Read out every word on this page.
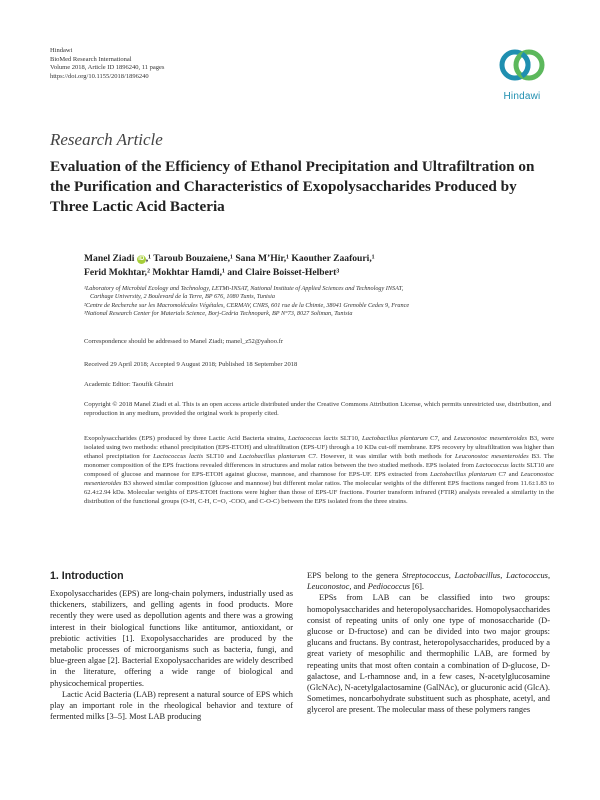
Hindawi
BioMed Research International
Volume 2018, Article ID 1896240, 11 pages
https://doi.org/10.1155/2018/1896240
Hindawi
Research Article
Evaluation of the Efficiency of Ethanol Precipitation and Ultrafiltration on the Purification and Characteristics of Exopolysaccharides Produced by Three Lactic Acid Bacteria
Manel Ziadi iD ,¹ Taroub Bouzaiene,¹ Sana M’Hir,¹ Kaouther Zaafouri,¹
Ferid Mokhtar,² Mokhtar Hamdi,¹ and Claire Boisset-Helbert³
¹Laboratory of Microbial Ecology and Technology, LETMi-INSAT, National Institute of Applied Sciences and Technology INSAT,
Carthage University, 2 Boulevard de la Terre, BP 676, 1080 Tunis, Tunisia
²Centre de Recherche sur les Macromolécules Végétales, CERMAV, CNRS, 601 rue de la Chimie, 38041 Grenoble Cedex 9, France
³National Research Center for Materials Science, Borj-Cedria Technopark, BP N°73, 8027 Soliman, Tunisia
Correspondence should be addressed to Manel Ziadi; manel_z52@yahoo.fr
Received 29 April 2018; Accepted 9 August 2018; Published 18 September 2018
Academic Editor: Taoufik Ghrairi
Copyright © 2018 Manel Ziadi et al. This is an open access article distributed under the Creative Commons Attribution License, which permits unrestricted use, distribution, and reproduction in any medium, provided the original work is properly cited.
Exopolysaccharides (EPS) produced by three Lactic Acid Bacteria strains, Lactococcus lactis SLT10, Lactobacillus plantarum C7, and Leuconostoc mesenteroides B3, were isolated using two methods: ethanol precipitation (EPS-ETOH) and ultrafiltration (EPS-UF) through a 10 KDa cut-off membrane. EPS recovery by ultrafiltration was higher than ethanol precipitation for Lactococcus lactis SLT10 and Lactobacillus plantarum C7. However, it was similar with both methods for Leuconostoc mesenteroides B3. The monomer composition of the EPS fractions revealed differences in structures and molar ratios between the two studied methods. EPS isolated from Lactococcus lactis SLT10 are composed of glucose and mannose for EPS-ETOH against glucose, mannose, and rhamnose for EPS-UF. EPS extracted from Lactobacillus plantarum C7 and Leuconostoc mesenteroides B3 showed similar composition (glucose and mannose) but different molar ratios. The molecular weights of the different EPS fractions ranged from 11.6±1.83 to 62.4±2.94 kDa. Molecular weights of EPS-ETOH fractions were higher than those of EPS-UF fractions. Fourier transform infrared (FTIR) analysis revealed a similarity in the distribution of the functional groups (O-H, C-H, C=O, -COO, and C-O-C) between the EPS isolated from the three strains.
1. Introduction

Exopolysaccharides (EPS) are long-chain polymers, industrially used as thickeners, stabilizers, and gelling agents in food products. More recently they were used as depollution agents and there was a growing interest in their biological functions like antitumor, antioxidant, or prebiotic activities [1]. Exopolysaccharides are produced by the metabolic processes of microorganisms such as bacteria, fungi, and blue-green algae [2]. Bacterial Exopolysaccharides are widely described in the literature, offering a wide range of biological and physicochemical properties.

Lactic Acid Bacteria (LAB) represent a natural source of EPS which play an important role in the rheological behavior and texture of fermented milks [3–5]. Most LAB producing

EPS belong to the genera Streptococcus, Lactobacillus, Lactococcus, Leuconostoc, and Pediococcus [6].

EPSs from LAB can be classified into two groups: homopolysaccharides and heteropolysaccharides. Homopolysaccharides consist of repeating units of only one type of monosaccharide (D-glucose or D-fructose) and can be divided into two major groups: glucans and fructans. By contrast, heteropolysaccharides, produced by a great variety of mesophilic and thermophilic LAB, are formed by repeating units that most often contain a combination of D-glucose, D-galactose, and L-rhamnose and, in a few cases, N-acetylglucosamine (GlcNAc), N-acetylgalactosamine (GalNAc), or glucuronic acid (GlcA). Sometimes, noncarbohydrate substituent such as phosphate, acetyl, and glycerol are present. The molecular mass of these polymers ranges
